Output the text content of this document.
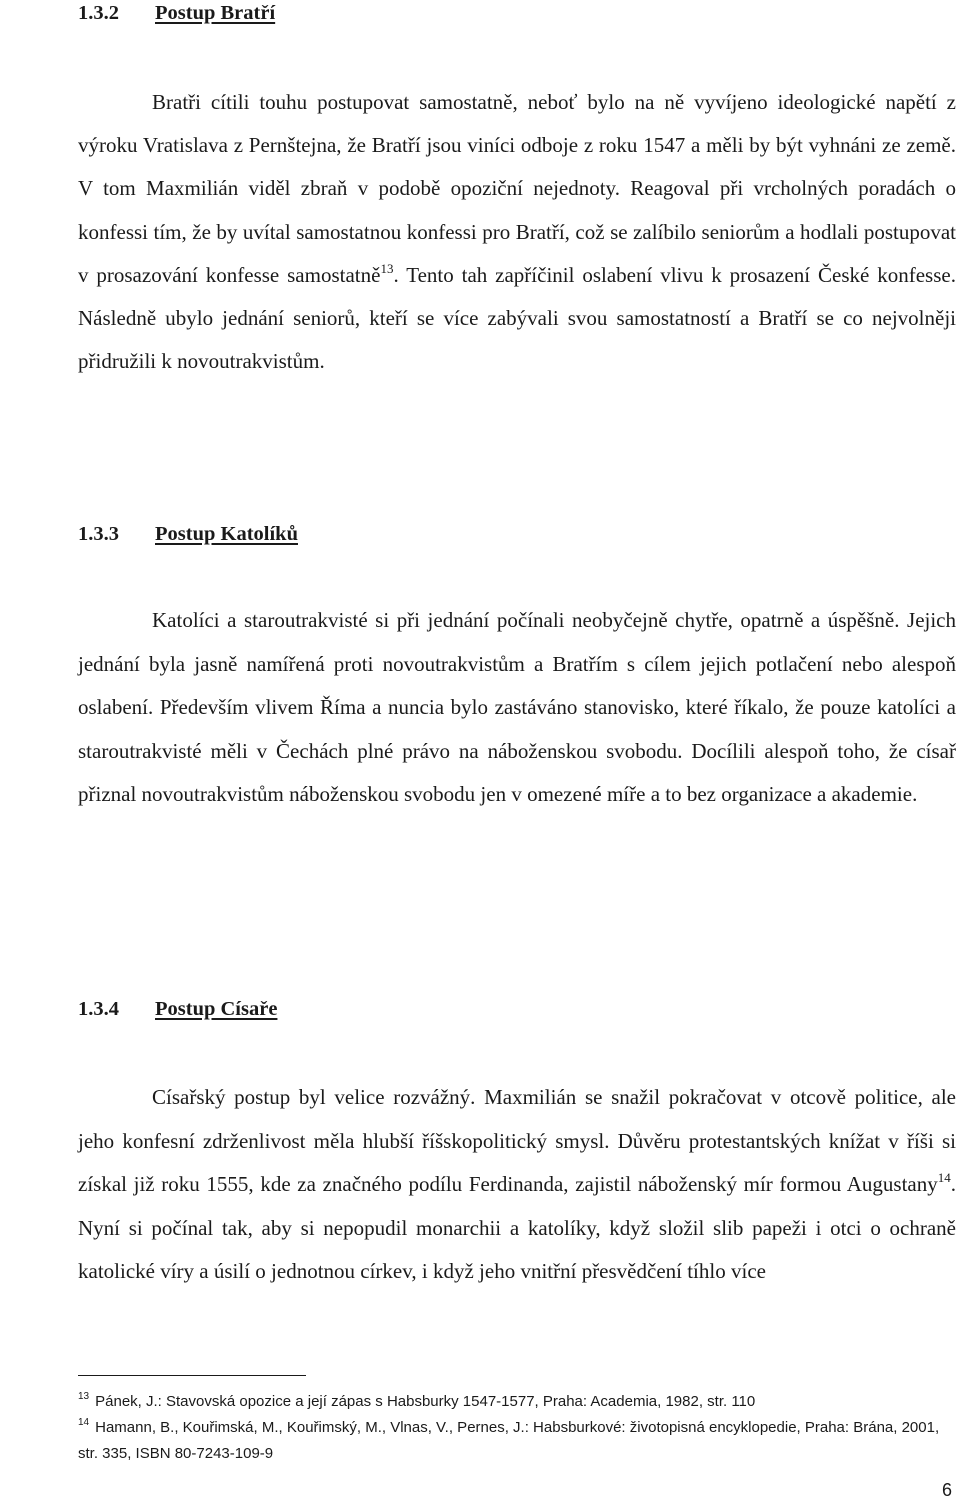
1.3.2 Postup Bratří

Bratři cítili touhu postupovat samostatně, neboť bylo na ně vyvíjeno ideologické napětí z výroku Vratislava z Pernštejna, že Bratří jsou viníci odboje z roku 1547 a měli by být vyhnáni ze země. V tom Maxmilián viděl zbraň v podobě opoziční nejednoty. Reagoval při vrcholných poradách o konfessi tím, že by uvítal samostatnou konfessi pro Bratří, což se zalíbilo seniorům a hodlali postupovat v prosazování konfesse samostatně$^{13}$. Tento tah zapříčinil oslabení vlivu k prosazení České konfesse. Následně ubylo jednání seniorů, kteří se více zabývali svou samostatností a Bratří se co nejvolněji přidružili k novoutrakvistům.

1.3.3 Postup Katolíků

Katolíci a staroutrakvisté si při jednání počínali neobyčejně chytře, opatrně a úspěšně. Jejich jednání byla jasně namířená proti novoutrakvistům a Bratřím s cílem jejich potlačení nebo alespoň oslabení. Především vlivem Říma a nuncia bylo zastáváno stanovisko, které říkalo, že pouze katolíci a staroutrakvisté měli v Čechách plné právo na náboženskou svobodu. Docílili alespoň toho, že císař přiznal novoutrakvistům náboženskou svobodu jen v omezené míře a to bez organizace a akademie.

1.3.4 Postup Císaře

Císařský postup byl velice rozvážný. Maxmilián se snažil pokračovat v otcově politice, ale jeho konfesní zdrženlivost měla hlubší říšskopolitický smysl. Důvěru protestantských knížat v říši si získal již roku 1555, kde za značného podílu Ferdinanda, zajistil náboženský mír formou Augustany$^{14}$. Nyní si počínal tak, aby si nepopudil monarchii a katolíky, když složil slib papeži i otci o ochraně katolické víry a úsilí o jednotnou církev, i když jeho vnitřní přesvědčení tíhlo více

$^{13}$ Pánek, J.: Stavovská opozice a její zápas s Habsburky 1547-1577, Praha: Academia, 1982, str. 110

$^{14}$ Hamann, B., Kouřimská, M., Kouřimský, M., Vlnas, V., Pernes, J.: Habsburkové: životopisná encyklopedie, Praha: Brána, 2001, str. 335, ISBN 80-7243-109-9

6
